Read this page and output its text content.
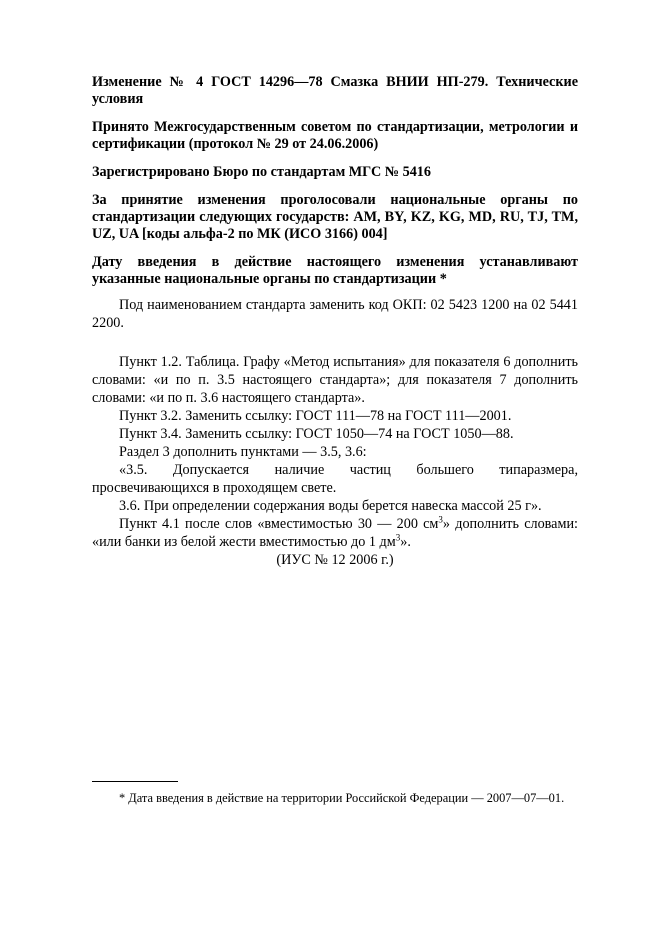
Изменение № 4 ГОСТ 14296—78 Смазка ВНИИ НП-279. Технические условия

Принято Межгосударственным советом по стандартизации, метрологии и сертификации (протокол № 29 от 24.06.2006)

Зарегистрировано Бюро по стандартам МГС № 5416

За принятие изменения проголосовали национальные органы по стандартизации следующих государств: AM, BY, KZ, KG, MD, RU, TJ, TM, UZ, UA [коды альфа-2 по МК (ИСО 3166) 004]

Дату введения в действие настоящего изменения устанавливают указанные национальные органы по стандартизации *

Под наименованием стандарта заменить код ОКП: 02 5423 1200 на 02 5441 2200.

Пункт 1.2. Таблица. Графу «Метод испытания» для показателя 6 дополнить словами: «и по п. 3.5 настоящего стандарта»; для показателя 7 дополнить словами: «и по п. 3.6 настоящего стандарта».

Пункт 3.2. Заменить ссылку: ГОСТ 111—78 на ГОСТ 111—2001.

Пункт 3.4. Заменить ссылку: ГОСТ 1050—74 на ГОСТ 1050—88.

Раздел 3 дополнить пунктами — 3.5, 3.6:

«3.5. Допускается наличие частиц большего типаразмера, просвечивающихся в проходящем свете.

3.6. При определении содержания воды берется навеска массой 25 г».

Пункт 4.1 после слов «вместимостью 30 — 200 $см^3$» дополнить словами: «или банки из белой жести вместимостью до 1 $дм^3$».

(ИУС № 12 2006 г.)

* Дата введения в действие на территории Российской Федерации — 2007—07—01.
